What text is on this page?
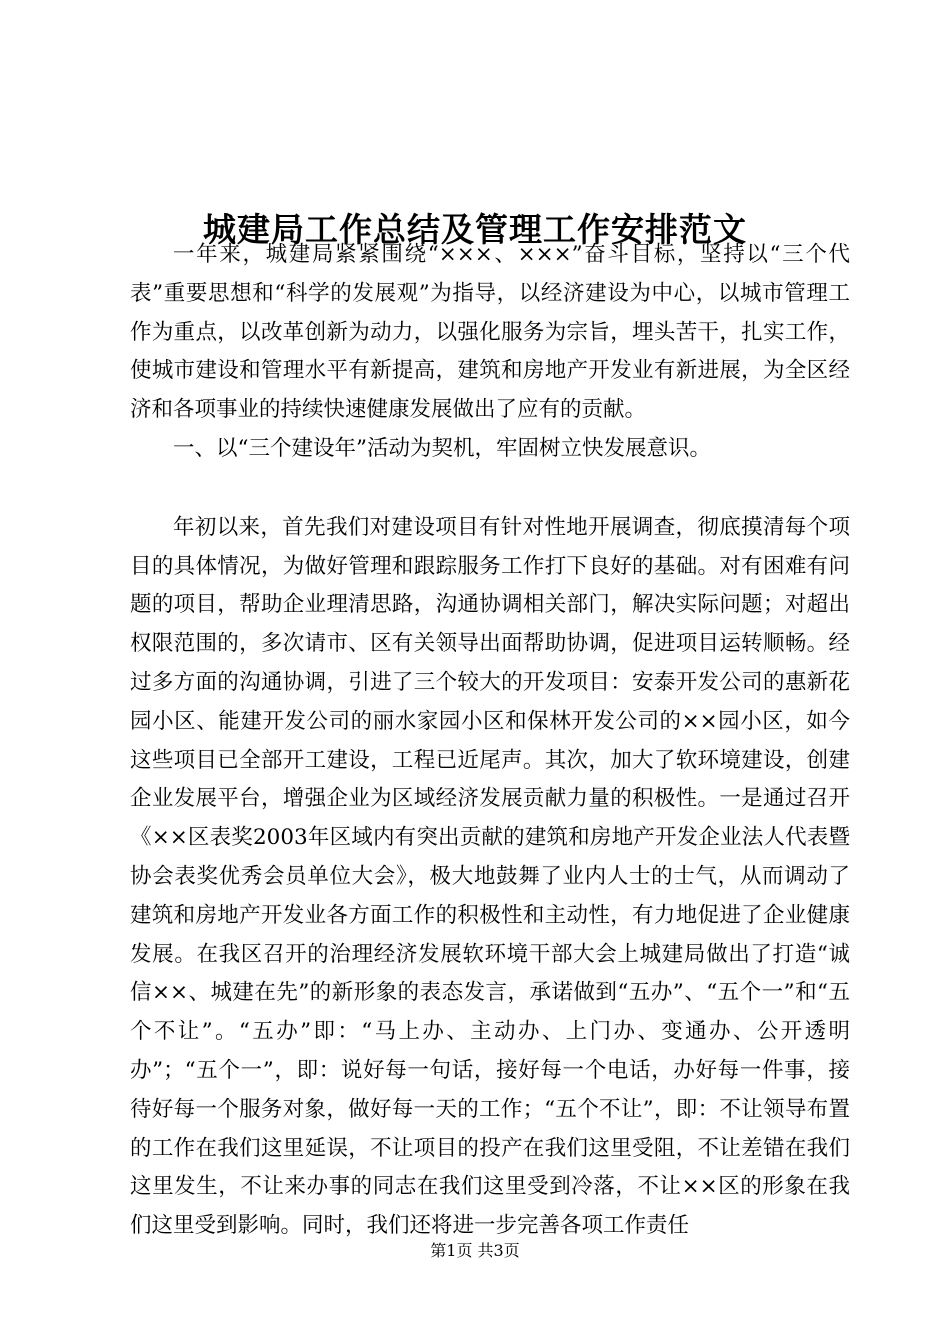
城建局工作总结及管理工作安排范文

一年来，城建局紧紧围绕“×××、×××”奋斗目标，坚持以“三个代表”重要思想和“科学的发展观”为指导，以经济建设为中心，以城市管理工作为重点，以改革创新为动力，以强化服务为宗旨，埋头苦干，扎实工作，使城市建设和管理水平有新提高，建筑和房地产开发业有新进展，为全区经济和各项事业的持续快速健康发展做出了应有的贡献。

一、以“三个建设年”活动为契机，牢固树立快发展意识。

年初以来，首先我们对建设项目有针对性地开展调查，彻底摸清每个项目的具体情况，为做好管理和跟踪服务工作打下良好的基础。对有困难有问题的项目，帮助企业理清思路，沟通协调相关部门，解决实际问题；对超出权限范围的，多次请市、区有关领导出面帮助协调，促进项目运转顺畅。经过多方面的沟通协调，引进了三个较大的开发项目：安泰开发公司的惠新花园小区、能建开发公司的丽水家园小区和保林开发公司的××园小区，如今这些项目已全部开工建设，工程已近尾声。其次，加大了软环境建设，创建企业发展平台，增强企业为区域经济发展贡献力量的积极性。一是通过召开《××区表奖2003年区域内有突出贡献的建筑和房地产开发企业法人代表暨协会表奖优秀会员单位大会》，极大地鼓舞了业内人士的士气，从而调动了建筑和房地产开发业各方面工作的积极性和主动性，有力地促进了企业健康发展。在我区召开的治理经济发展软环境干部大会上城建局做出了打造“诚信××、城建在先”的新形象的表态发言，承诺做到“五办”、“五个一”和“五个不让”。“五办”即：“马上办、主动办、上门办、变通办、公开透明办”；“五个一”，即：说好每一句话，接好每一个电话，办好每一件事，接待好每一个服务对象，做好每一天的工作；“五个不让”，即：不让领导布置的工作在我们这里延误，不让项目的投产在我们这里受阻，不让差错在我们这里发生，不让来办事的同志在我们这里受到冷落，不让××区的形象在我们这里受到影响。同时，我们还将进一步完善各项工作责任

第1页 共3页
